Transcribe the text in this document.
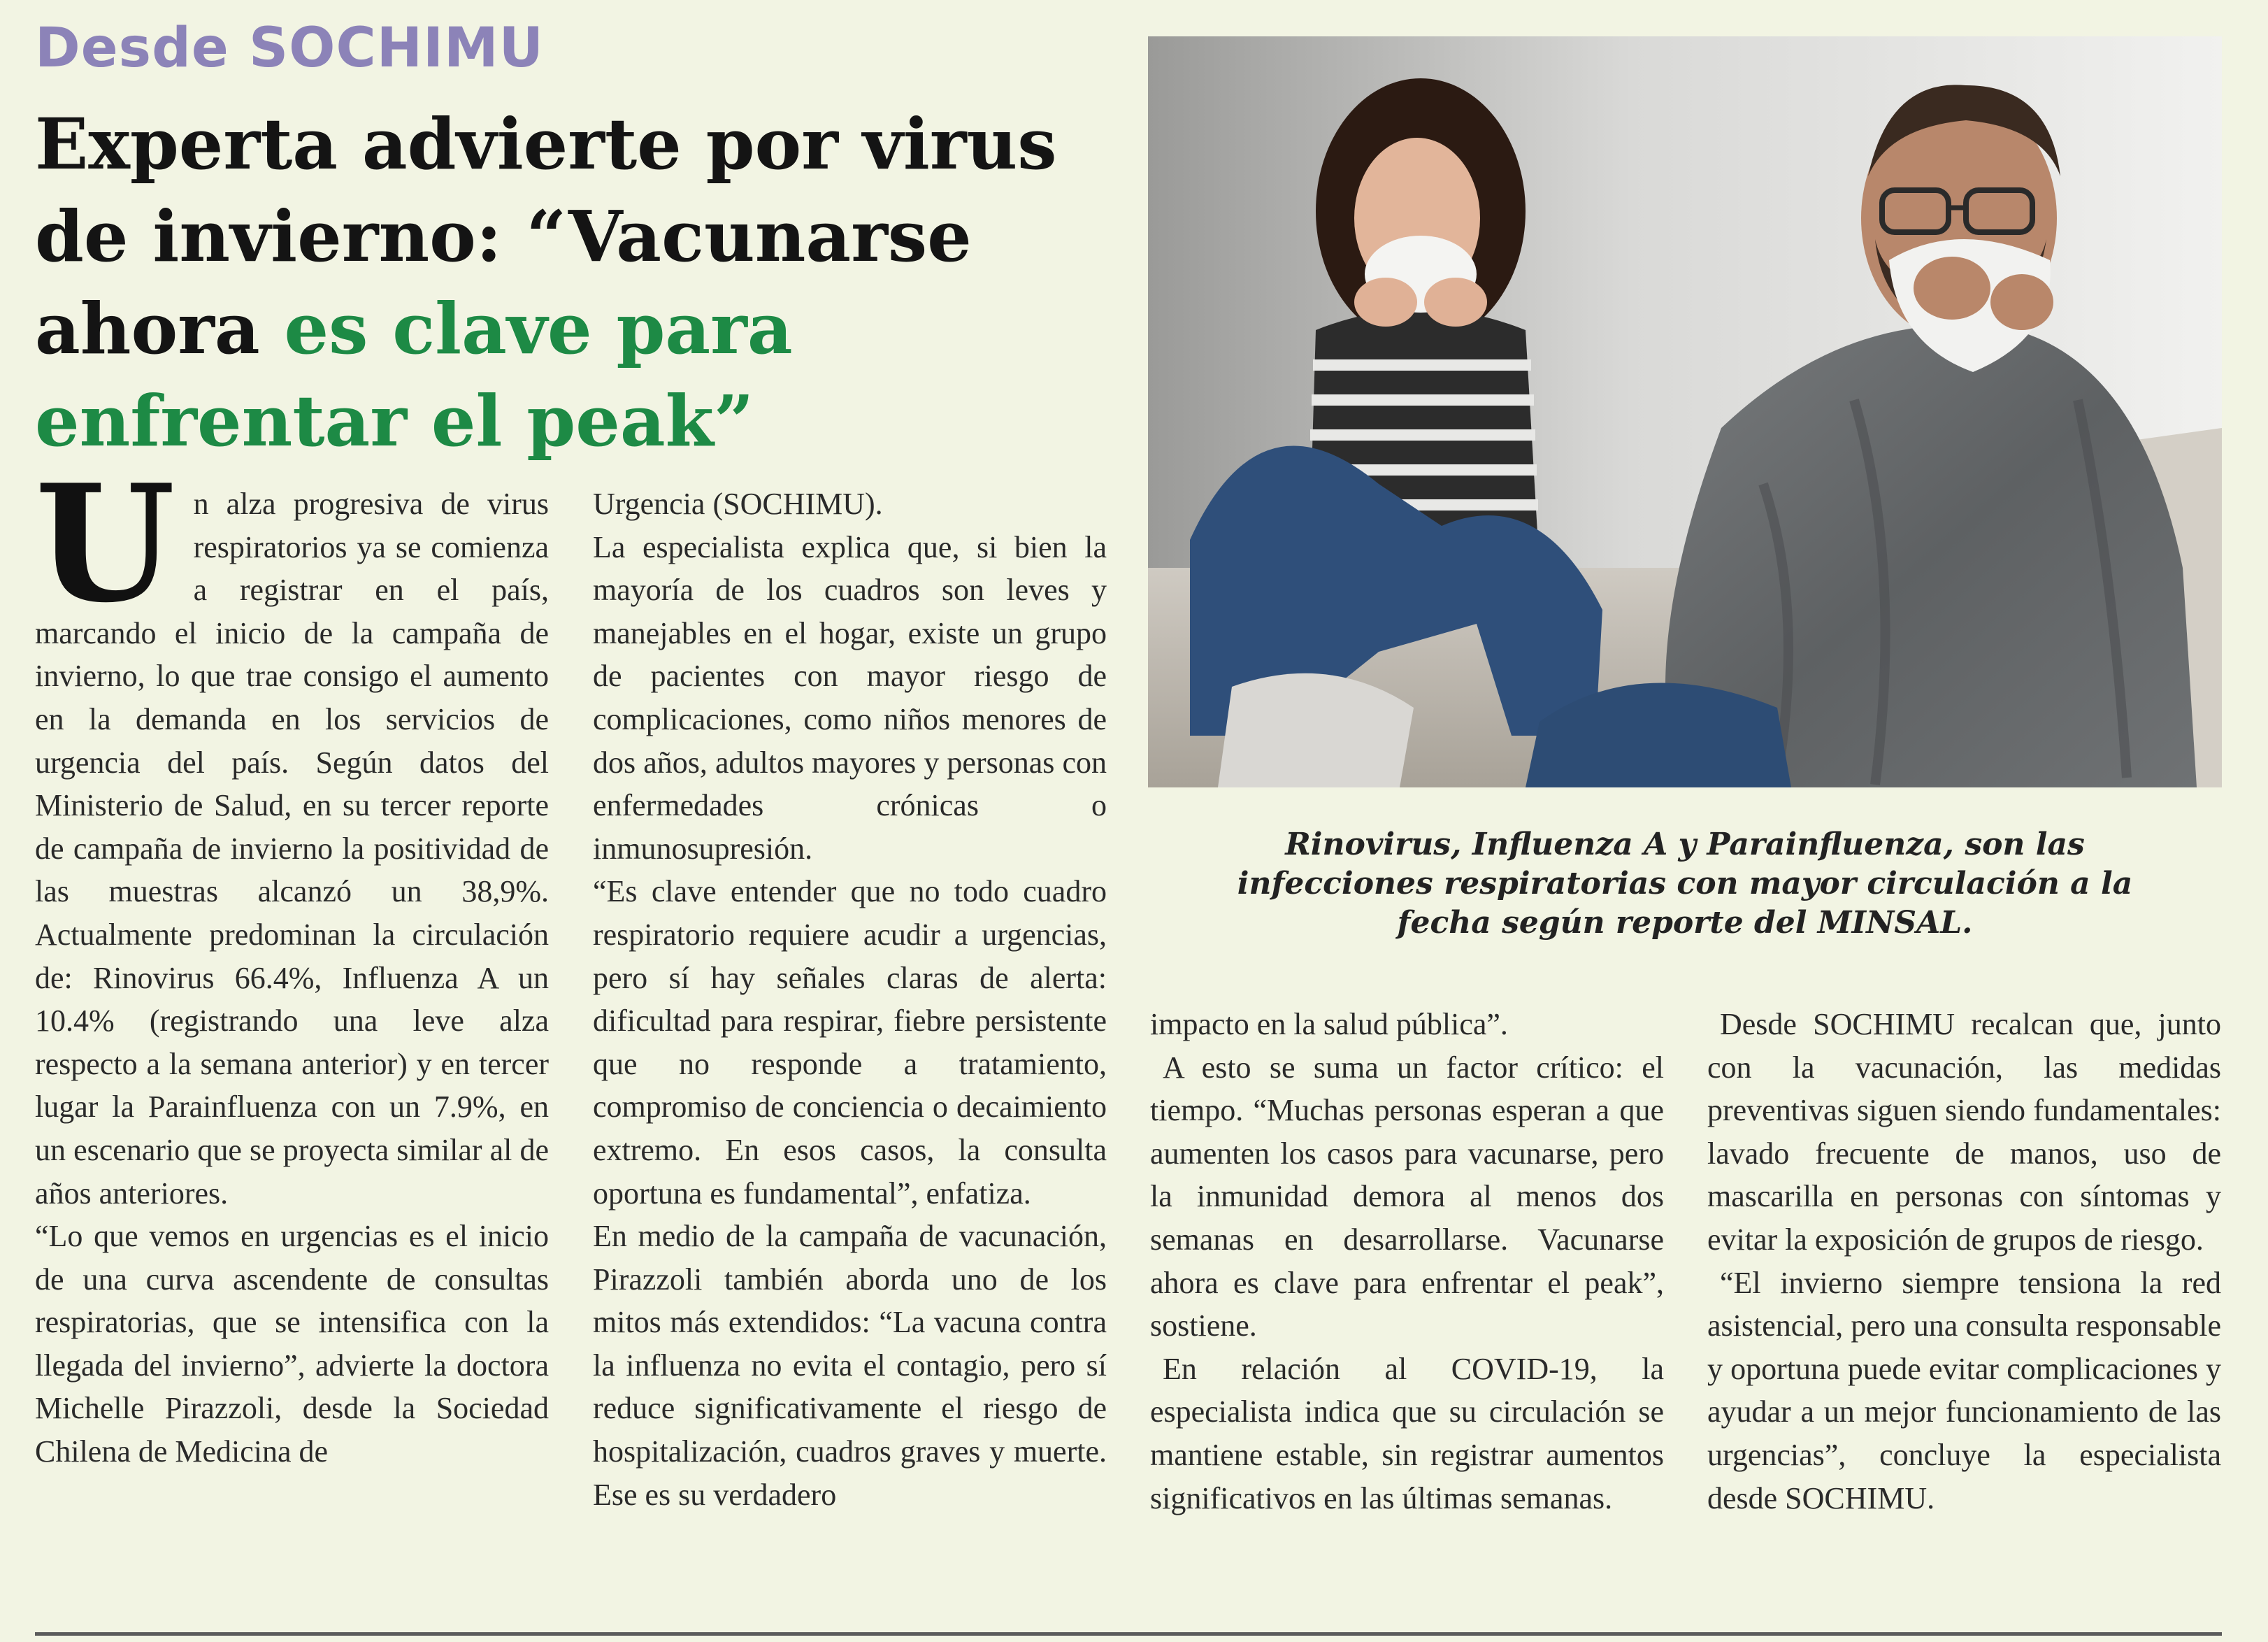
Desde SOCHIMU
Experta advierte por virus de invierno: “Vacunarse ahora es clave para enfrentar el peak”

Rinovirus, Influenza A y Parainfluenza, son las infecciones respiratorias con mayor circulación a la fecha según reporte del MINSAL.

Un alza progresiva de virus respiratorios ya se comienza a registrar en el país, marcando el inicio de la campaña de invierno, lo que trae consigo el aumento en la demanda en los servicios de urgencia del país. Según datos del Ministerio de Salud, en su tercer reporte de campaña de invierno la positividad de las muestras alcanzó un 38,9%. Actualmente predominan la circulación de: Rinovirus 66.4%, Influenza A un 10.4% (registrando una leve alza respecto a la semana anterior) y en tercer lugar la Parainfluenza con un 7.9%, en un escenario que se proyecta similar al de años anteriores.

“Lo que vemos en urgencias es el inicio de una curva ascendente de consultas respiratorias, que se intensifica con la llegada del invierno”, advierte la doctora Michelle Pirazzoli, desde la Sociedad Chilena de Medicina de

Urgencia (SOCHIMU).

La especialista explica que, si bien la mayoría de los cuadros son leves y manejables en el hogar, existe un grupo de pacientes con mayor riesgo de complicaciones, como niños menores de dos años, adultos mayores y personas con enfermedades crónicas o inmunosupresión.

“Es clave entender que no todo cuadro respiratorio requiere acudir a urgencias, pero sí hay señales claras de alerta: dificultad para respirar, fiebre persistente que no responde a tratamiento, compromiso de conciencia o decaimiento extremo. En esos casos, la consulta oportuna es fundamental”, enfatiza.

En medio de la campaña de vacunación, Pirazzoli también aborda uno de los mitos más extendidos: “La vacuna contra la influenza no evita el contagio, pero sí reduce significativamente el riesgo de hospitalización, cuadros graves y muerte. Ese es su verdadero

impacto en la salud pública”.

A esto se suma un factor crítico: el tiempo. “Muchas personas esperan a que aumenten los casos para vacunarse, pero la inmunidad demora al menos dos semanas en desarrollarse. Vacunarse ahora es clave para enfrentar el peak”, sostiene.

En relación al COVID-19, la especialista indica que su circulación se mantiene estable, sin registrar aumentos significativos en las últimas semanas.

Desde SOCHIMU recalcan que, junto con la vacunación, las medidas preventivas siguen siendo fundamentales: lavado frecuente de manos, uso de mascarilla en personas con síntomas y evitar la exposición de grupos de riesgo.

“El invierno siempre tensiona la red asistencial, pero una consulta responsable y oportuna puede evitar complicaciones y ayudar a un mejor funcionamiento de las urgencias”, concluye la especialista desde SOCHIMU.
